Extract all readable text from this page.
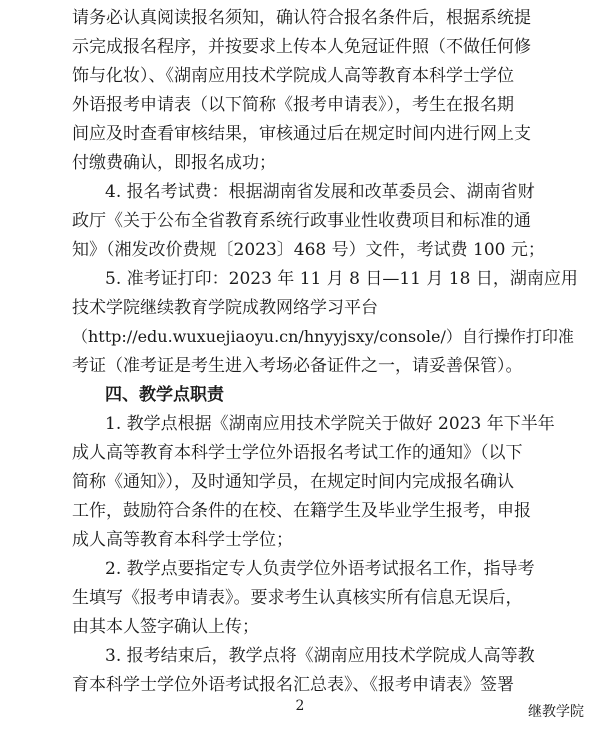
请务必认真阅读报名须知，确认符合报名条件后，根据系统提
示完成报名程序，并按要求上传本人免冠证件照（不做任何修
饰与化妆）、《湖南应用技术学院成人高等教育本科学士学位
外语报考申请表（以下简称《报考申请表》），考生在报名期
间应及时查看审核结果，审核通过后在规定时间内进行网上支
付缴费确认，即报名成功；
4. 报名考试费：根据湖南省发展和改革委员会、湖南省财
政厅《关于公布全省教育系统行政事业性收费项目和标准的通
知》（湘发改价费规〔2023〕468 号）文件，考试费 100 元；
5. 准考证打印：2023 年 11 月 8 日—11 月 18 日，湖南应用
技术学院继续教育学院成教网络学习平台
（http://edu.wuxuejiaoyu.cn/hnyyjsxy/console/）自行操作打印准
考证（准考证是考生进入考场必备证件之一，请妥善保管）。
四、教学点职责
1. 教学点根据《湖南应用技术学院关于做好 2023 年下半年
成人高等教育本科学士学位外语报名考试工作的通知》（以下
简称《通知》），及时通知学员，在规定时间内完成报名确认
工作，鼓励符合条件的在校、在籍学生及毕业学生报考，申报
成人高等教育本科学士学位；
2. 教学点要指定专人负责学位外语考试报名工作，指导考
生填写《报考申请表》。要求考生认真核实所有信息无误后，
由其本人签字确认上传；
3. 报考结束后，教学点将《湖南应用技术学院成人高等教
育本科学士学位外语考试报名汇总表》、《报考申请表》签署
2	继教学院
